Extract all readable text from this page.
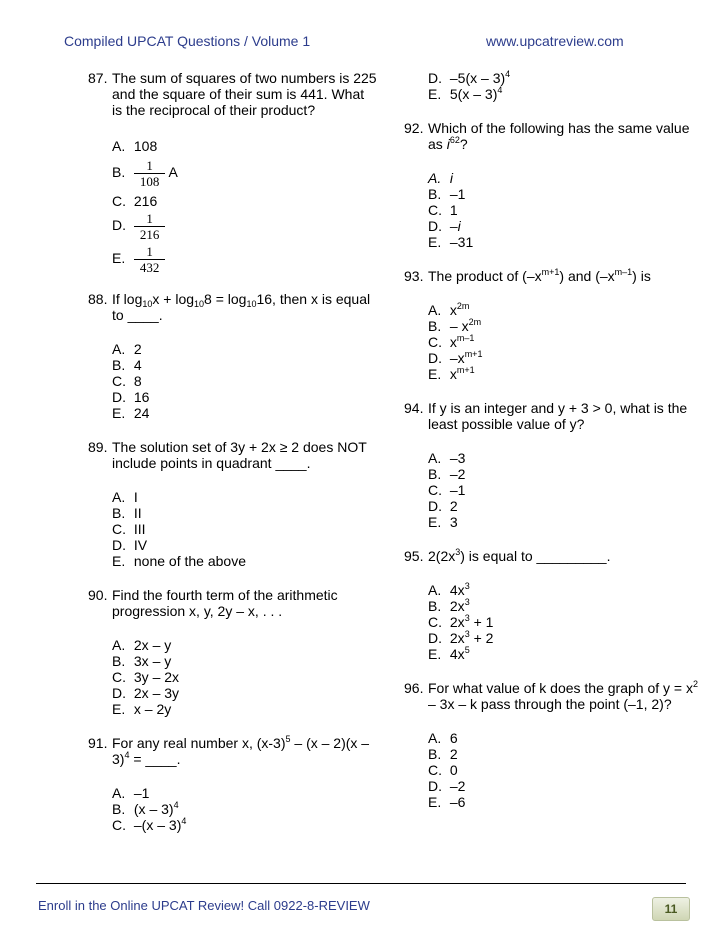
Compiled UPCAT Questions / Volume 1	www.upcatreview.com
87. The sum of squares of two numbers is 225 and the square of their sum is 441. What is the reciprocal of their product?
A. 108
B. $\frac{1}{108}$ A
C. 216
D. $\frac{1}{216}$
E. $\frac{1}{432}$
88. If $\log_{10}x + \log_{10}8 = \log_{10}16$, then x is equal to ____.
A. 2
B. 4
C. 8
D. 16
E. 24
89. The solution set of 3y + 2x ≥ 2 does NOT include points in quadrant ____.
A. I
B. II
C. III
D. IV
E. none of the above
90. Find the fourth term of the arithmetic progression x, y, 2y – x, . . .
A. 2x – y
B. 3x – y
C. 3y – 2x
D. 2x – 3y
E. x – 2y
91. For any real number x, $(x-3)^5 - (x - 2)(x - 3)^4$ = ____.
A. –1
B. (x – 3)$^4$
C. –(x – 3)$^4$
D. –5(x – 3)$^4$
E. 5(x – 3)$^4$
92. Which of the following has the same value as $i^{62}$?
A. i
B. –1
C. 1
D. –i
E. –31
93. The product of $(-x^{m+1})$ and $(-x^{m-1})$ is
A. $x^{2m}$
B. – $x^{2m}$
C. $x^{m-1}$
D. $-x^{m+1}$
E. $x^{m+1}$
94. If y is an integer and y + 3 > 0, what is the least possible value of y?
A. –3
B. –2
C. –1
D. 2
E. 3
95. $2(2x^3)$ is equal to _________.
A. $4x^3$
B. $2x^3$
C. $2x^3 + 1$
D. $2x^3 + 2$
E. $4x^5$
96. For what value of k does the graph of $y = x^2 - 3x - k$ pass through the point (–1, 2)?
A. 6
B. 2
C. 0
D. –2
E. –6
Enroll in the Online UPCAT Review! Call 0922-8-REVIEW	11
